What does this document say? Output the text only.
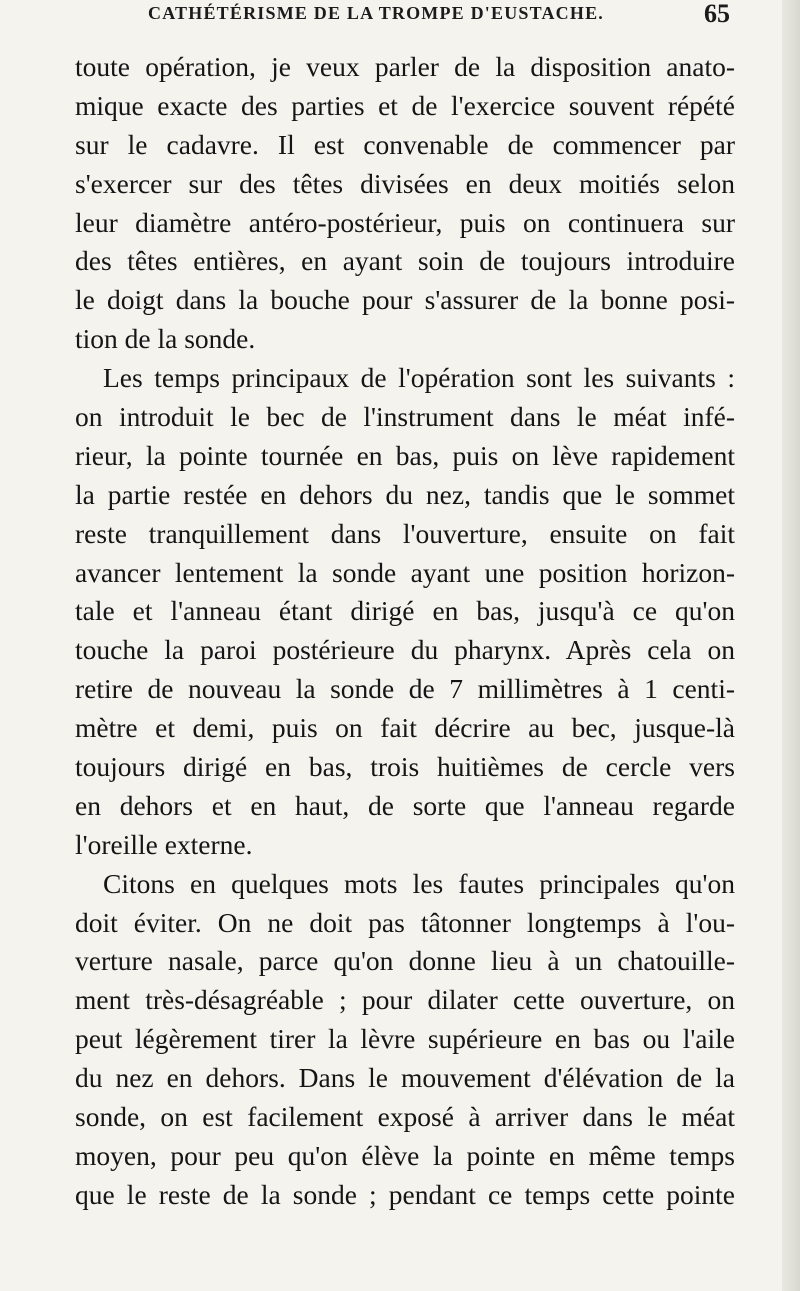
CATHÉTÉRISME DE LA TROMPE D'EUSTACHE.	65
toute opération, je veux parler de la disposition anato-
mique exacte des parties et de l'exercice souvent répété
sur le cadavre. Il est convenable de commencer par
s'exercer sur des têtes divisées en deux moitiés selon
leur diamètre antéro-postérieur, puis on continuera sur
des têtes entières, en ayant soin de toujours introduire
le doigt dans la bouche pour s'assurer de la bonne posi-
tion de la sonde.
Les temps principaux de l'opération sont les suivants :
on introduit le bec de l'instrument dans le méat infé-
rieur, la pointe tournée en bas, puis on lève rapidement
la partie restée en dehors du nez, tandis que le sommet
reste tranquillement dans l'ouverture, ensuite on fait
avancer lentement la sonde ayant une position horizon-
tale et l'anneau étant dirigé en bas, jusqu'à ce qu'on
touche la paroi postérieure du pharynx. Après cela on
retire de nouveau la sonde de 7 millimètres à 1 centi-
mètre et demi, puis on fait décrire au bec, jusque-là
toujours dirigé en bas, trois huitièmes de cercle vers
en dehors et en haut, de sorte que l'anneau regarde
l'oreille externe.
Citons en quelques mots les fautes principales qu'on
doit éviter. On ne doit pas tâtonner longtemps à l'ou-
verture nasale, parce qu'on donne lieu à un chatouille-
ment très-désagréable ; pour dilater cette ouverture, on
peut légèrement tirer la lèvre supérieure en bas ou l'aile
du nez en dehors. Dans le mouvement d'élévation de la
sonde, on est facilement exposé à arriver dans le méat
moyen, pour peu qu'on élève la pointe en même temps
que le reste de la sonde ; pendant ce temps cette pointe
